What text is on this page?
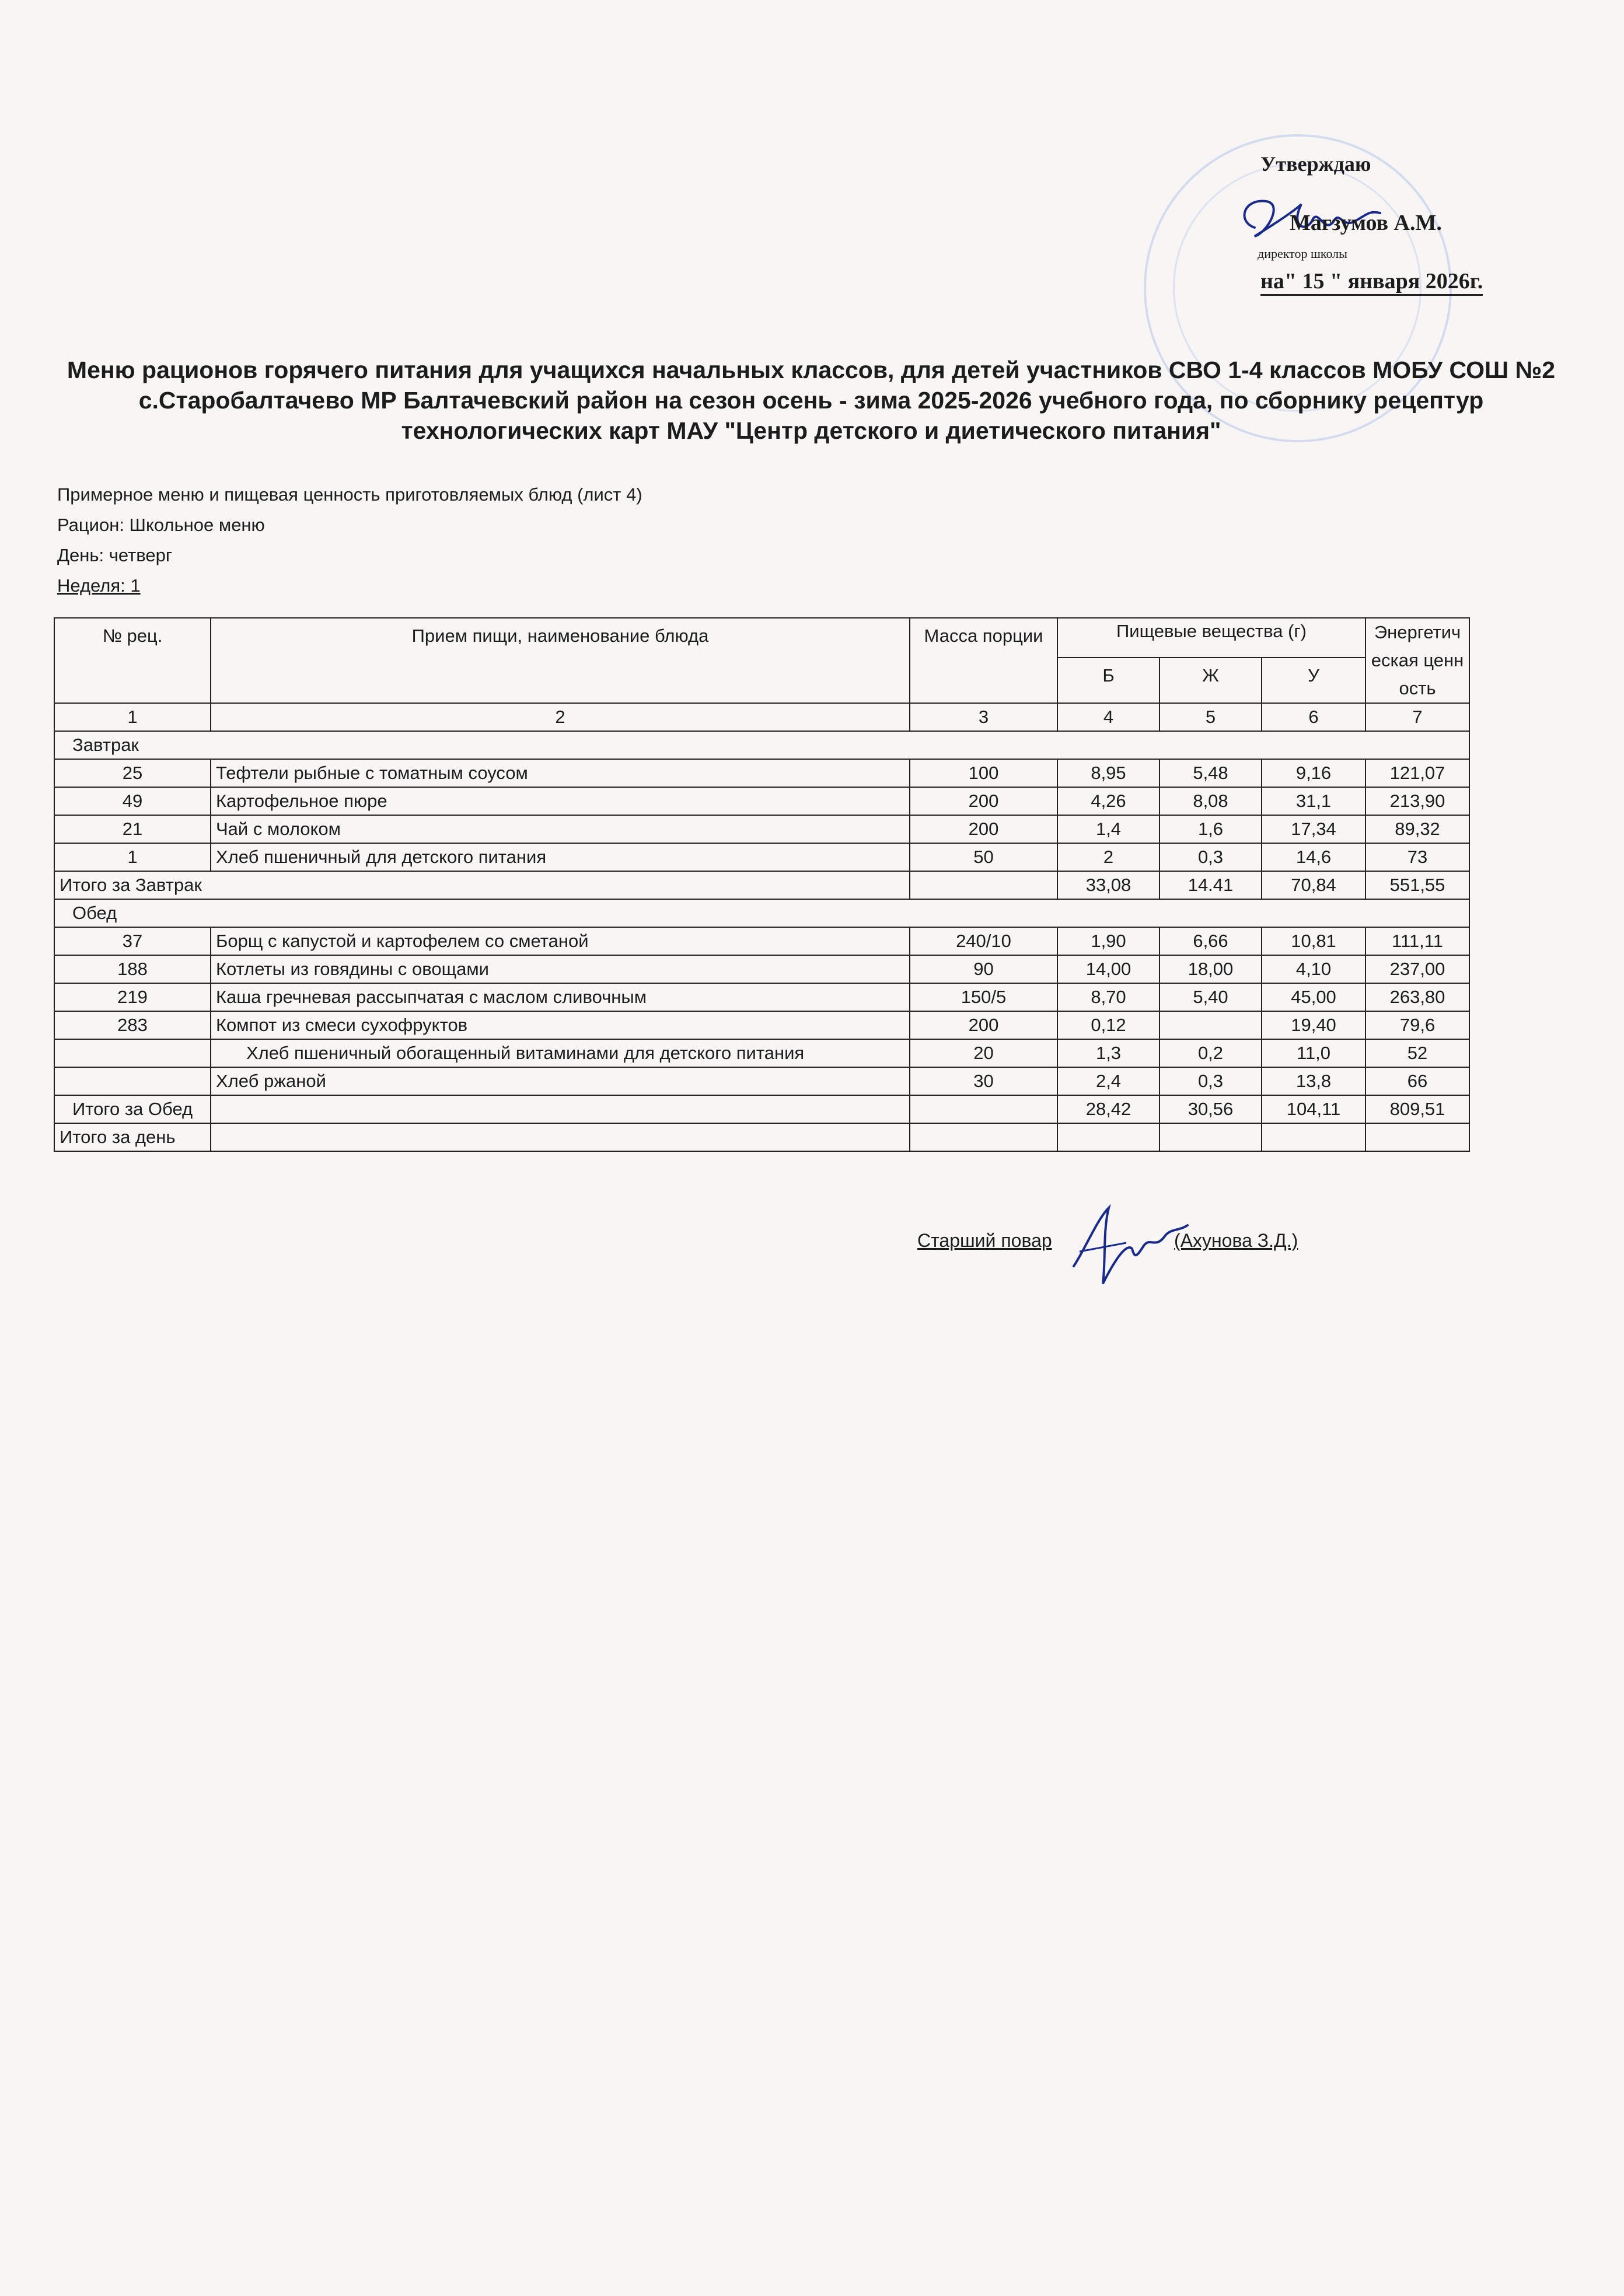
Утверждаю
Магзумов А.М.
директор школы
на" 15 " января 2026г.
Меню рационов горячего питания для учащихся начальных классов, для детей участников СВО 1-4 классов МОБУ СОШ №2
с.Старобалтачево МР Балтачевский район на сезон осень - зима 2025-2026 учебного года, по сборнику рецептур
технологических карт МАУ "Центр детского и диетического питания"
Примерное меню и пищевая ценность приготовляемых блюд (лист 4)
Рацион: Школьное меню
День: четверг
Неделя: 1
№ рец.	Прием пищи, наименование блюда	Масса порции	Пищевые вещества (г)			Энергетическая ценность
			Б	Ж	У	
1	2	3	4	5	6	7
Завтрак						
25	Тефтели рыбные с томатным соусом	100	8,95	5,48	9,16	121,07
49	Картофельное пюре	200	4,26	8,08	31,1	213,90
21	Чай с молоком	200	1,4	1,6	17,34	89,32
1	Хлеб пшеничный для детского питания	50	2	0,3	14,6	73
Итого за Завтрак			33,08	14.41	70,84	551,55
Обед						
37	Борщ с капустой и картофелем со сметаной	240/10	1,90	6,66	10,81	111,11
188	Котлеты из говядины с овощами	90	14,00	18,00	4,10	237,00
219	Каша гречневая рассыпчатая с маслом сливочным	150/5	8,70	5,40	45,00	263,80
283	Компот из смеси сухофруктов	200	0,12		19,40	79,6
	Хлеб пшеничный обогащенный витаминами для детского питания	20	1,3	0,2	11,0	52
	Хлеб ржаной	30	2,4	0,3	13,8	66
Итого за Обед			28,42	30,56	104,11	809,51
Итого за день						
Старший повар	(Ахунова З.Д.)
